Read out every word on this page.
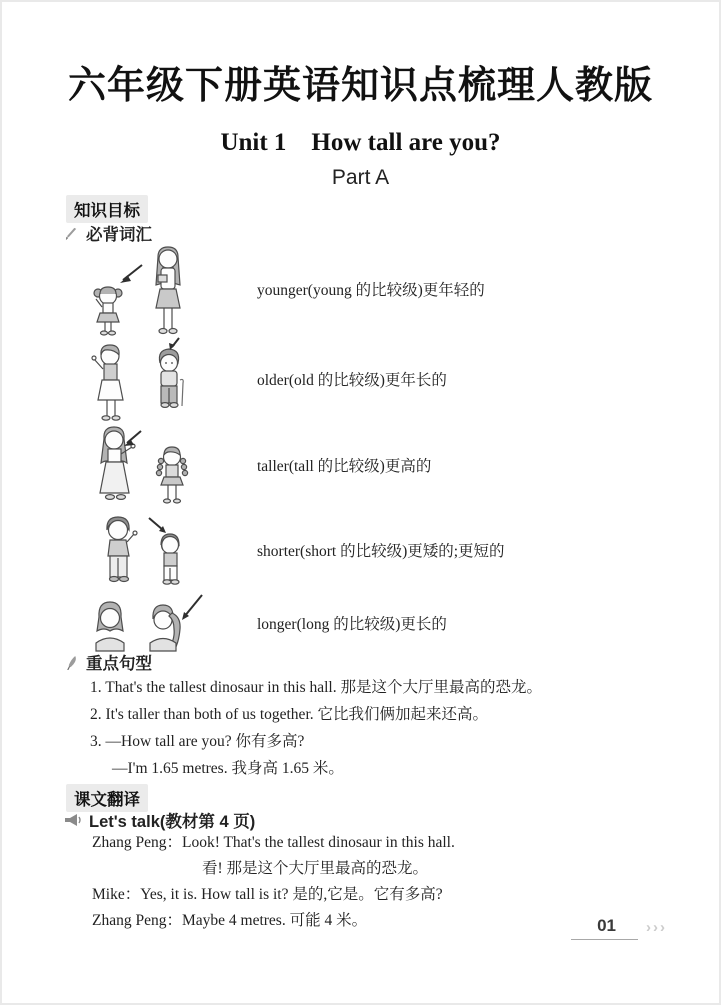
六年级下册英语知识点梳理人教版
Unit 1　How tall are you?
Part A
知识目标
必背词汇
younger(young 的比较级)更年轻的
older(old 的比较级)更年长的
taller(tall 的比较级)更高的
shorter(short 的比较级)更矮的;更短的
longer(long 的比较级)更长的
重点句型
1. That's the tallest dinosaur in this hall. 那是这个大厅里最高的恐龙。
2. It's taller than both of us together. 它比我们俩加起来还高。
3. —How tall are you? 你有多高?
—I'm 1.65 metres. 我身高 1.65 米。
课文翻译
Let's talk(教材第 4 页)
Zhang Peng：Look! That's the tallest dinosaur in this hall.
看! 那是这个大厅里最高的恐龙。
Mike：Yes, it is. How tall is it? 是的,它是。它有多高?
Zhang Peng：Maybe 4 metres. 可能 4 米。	01	›››
